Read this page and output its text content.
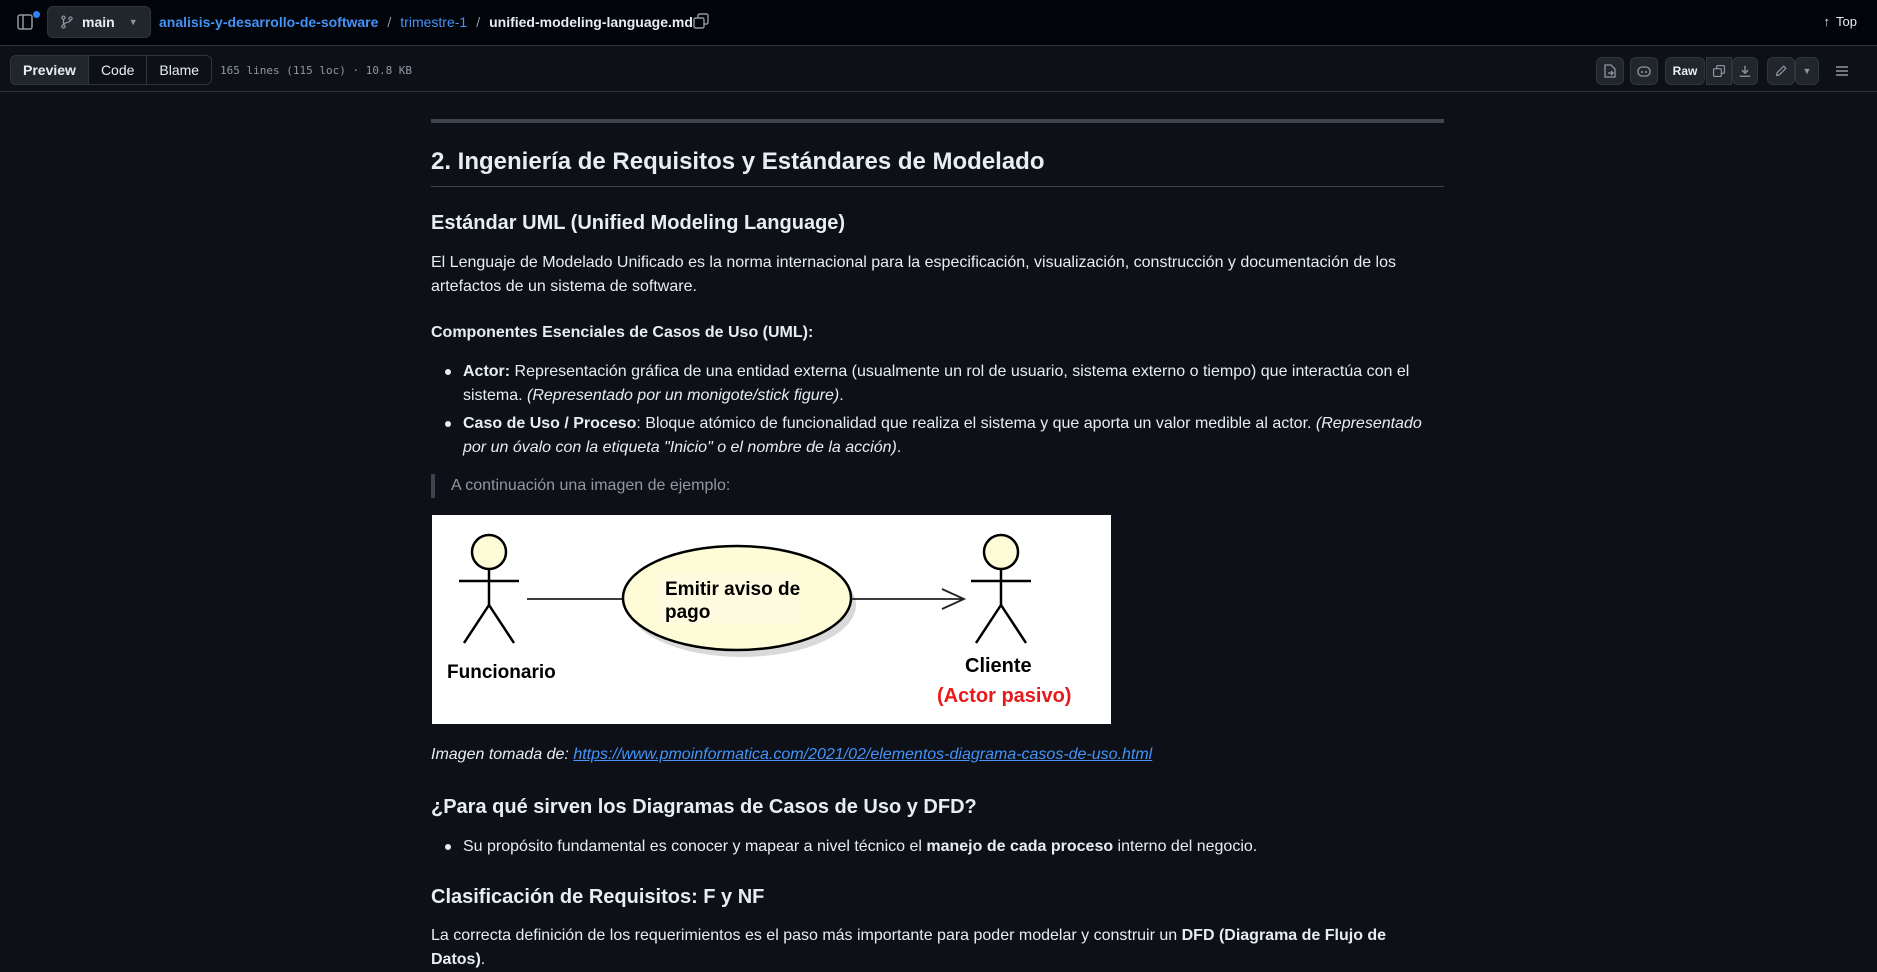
main ▼ analisis-y-desarrollo-de-software / trimestre-1 / unified-modeling-language.md	↑ Top
Preview	Code	Blame	165 lines (115 loc) · 10.8 KB	Raw	▼
2. Ingeniería de Requisitos y Estándares de Modelado
Estándar UML (Unified Modeling Language)

El Lenguaje de Modelado Unificado es la norma internacional para la especificación, visualización, construcción y documentación de los artefactos de un sistema de software.

Componentes Esenciales de Casos de Uso (UML):

Actor: Representación gráfica de una entidad externa (usualmente un rol de usuario, sistema externo o tiempo) que interactúa con el sistema. (Representado por un monigote/stick figure).
Caso de Uso / Proceso: Bloque atómico de funcionalidad que realiza el sistema y que aporta un valor medible al actor. (Representado por un óvalo con la etiqueta "Inicio" o el nombre de la acción).
A continuación una imagen de ejemplo:
Emitir aviso de
pago
Funcionario	Cliente
(Actor pasivo)
Imagen tomada de: https://www.pmoinformatica.com/2021/02/elementos-diagrama-casos-de-uso.html
¿Para qué sirven los Diagramas de Casos de Uso y DFD?
Su propósito fundamental es conocer y mapear a nivel técnico el manejo de cada proceso interno del negocio.
Clasificación de Requisitos: F y NF

La correcta definición de los requerimientos es el paso más importante para poder modelar y construir un DFD (Diagrama de Flujo de Datos).
